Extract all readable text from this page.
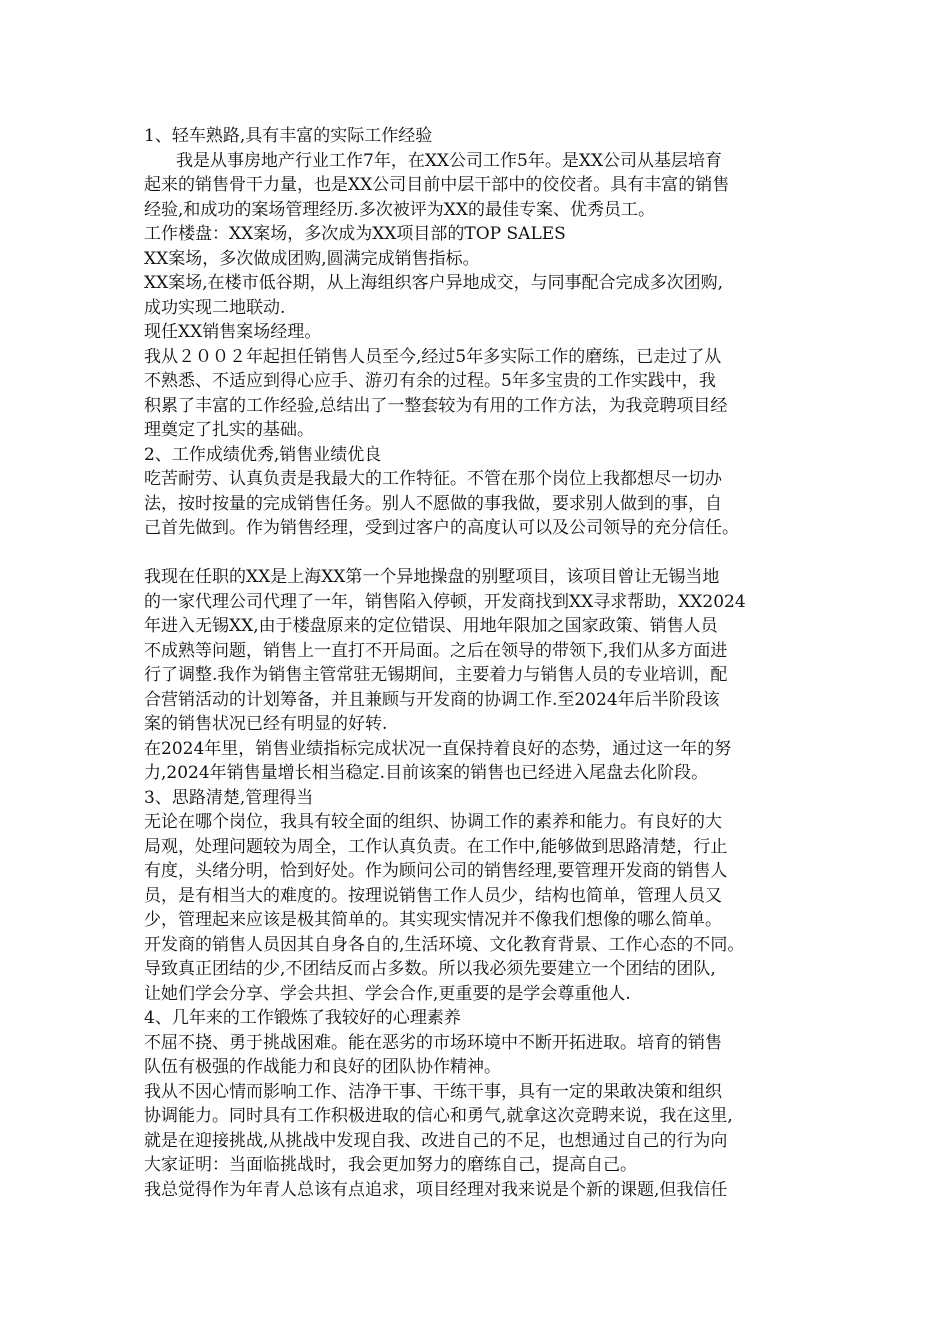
1、轻车熟路,具有丰富的实际工作经验
我是从事房地产行业工作7年，在XX公司工作5年。是XX公司从基层培育
起来的销售骨干力量，也是XX公司目前中层干部中的佼佼者。具有丰富的销售
经验,和成功的案场管理经历.多次被评为XX的最佳专案、优秀员工。
工作楼盘：XX案场，多次成为XX项目部的TOP SALES
XX案场，多次做成团购,圆满完成销售指标。
XX案场,在楼市低谷期，从上海组织客户异地成交，与同事配合完成多次团购,
成功实现二地联动.
现任XX销售案场经理。
我从２００２年起担任销售人员至今,经过5年多实际工作的磨练，已走过了从
不熟悉、不适应到得心应手、游刃有余的过程。5年多宝贵的工作实践中，我
积累了丰富的工作经验,总结出了一整套较为有用的工作方法，为我竞聘项目经
理奠定了扎实的基础。
2、工作成绩优秀,销售业绩优良
吃苦耐劳、认真负责是我最大的工作特征。不管在那个岗位上我都想尽一切办
法，按时按量的完成销售任务。别人不愿做的事我做，要求别人做到的事，自
己首先做到。作为销售经理，受到过客户的高度认可以及公司领导的充分信任。
我现在任职的XX是上海XX第一个异地操盘的别墅项目，该项目曾让无锡当地
的一家代理公司代理了一年，销售陷入停顿，开发商找到XX寻求帮助，XX2024
年进入无锡XX,由于楼盘原来的定位错误、用地年限加之国家政策、销售人员
不成熟等问题，销售上一直打不开局面。之后在领导的带领下,我们从多方面进
行了调整.我作为销售主管常驻无锡期间，主要着力与销售人员的专业培训，配
合营销活动的计划筹备，并且兼顾与开发商的协调工作.至2024年后半阶段该
案的销售状况已经有明显的好转.
在2024年里，销售业绩指标完成状况一直保持着良好的态势，通过这一年的努
力,2024年销售量增长相当稳定.目前该案的销售也已经进入尾盘去化阶段。
3、思路清楚,管理得当
无论在哪个岗位，我具有较全面的组织、协调工作的素养和能力。有良好的大
局观，处理问题较为周全，工作认真负责。在工作中,能够做到思路清楚，行止
有度，头绪分明，恰到好处。作为顾问公司的销售经理,要管理开发商的销售人
员，是有相当大的难度的。按理说销售工作人员少，结构也简单，管理人员又
少，管理起来应该是极其简单的。其实现实情况并不像我们想像的哪么简单。
开发商的销售人员因其自身各自的,生活环境、文化教育背景、工作心态的不同。
导致真正团结的少,不团结反而占多数。所以我必须先要建立一个团结的团队,
让她们学会分享、学会共担、学会合作,更重要的是学会尊重他人.
4、几年来的工作锻炼了我较好的心理素养
不屈不挠、勇于挑战困难。能在恶劣的市场环境中不断开拓进取。培育的销售
队伍有极强的作战能力和良好的团队协作精神。
我从不因心情而影响工作、洁净干事、干练干事，具有一定的果敢决策和组织
协调能力。同时具有工作积极进取的信心和勇气,就拿这次竞聘来说，我在这里,
就是在迎接挑战,从挑战中发现自我、改进自己的不足，也想通过自己的行为向
大家证明：当面临挑战时，我会更加努力的磨练自己，提高自己。
我总觉得作为年青人总该有点追求，项目经理对我来说是个新的课题,但我信任
